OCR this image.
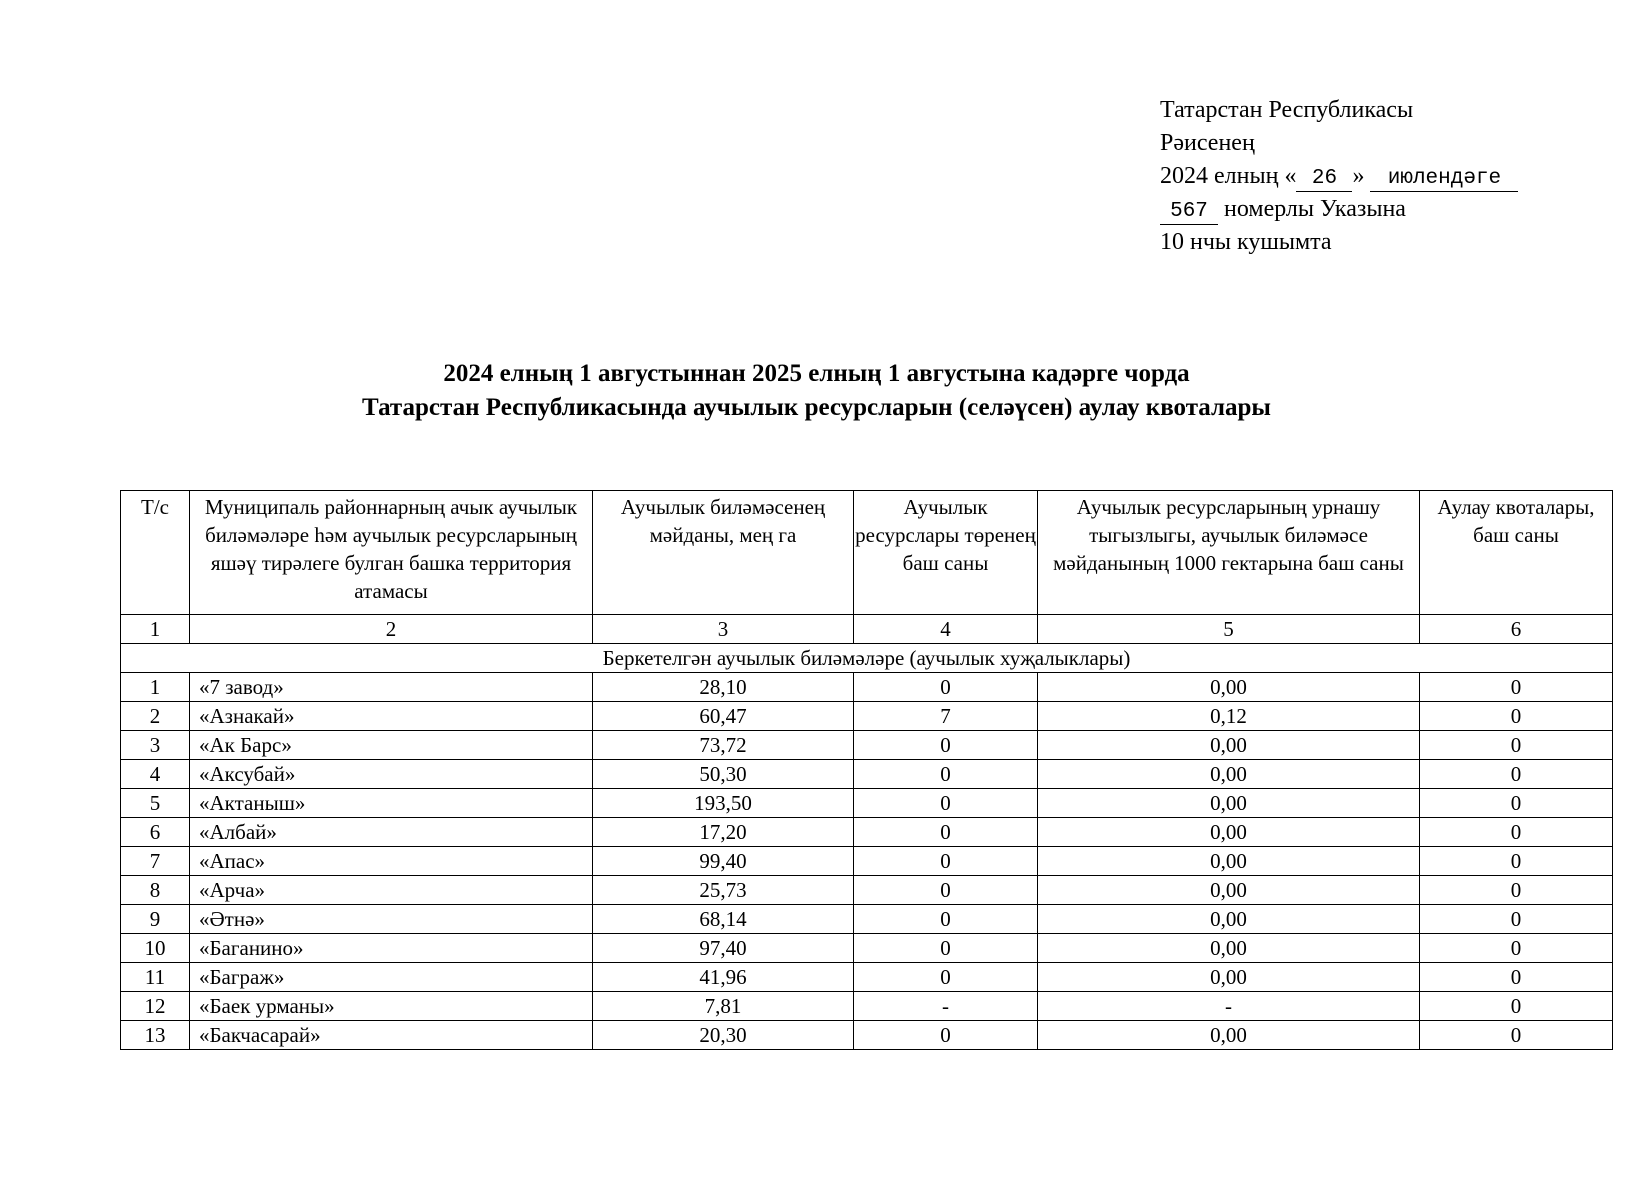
Татарстан Республикасы
Рәисенең
2024 елның « 26 » июлендәге
567 номерлы Указына
10 нчы кушымта
2024 елның 1 августыннан 2025 елның 1 августына кадәрге чорда
Татарстан Республикасында аучылык ресурсларын (селәүсен) аулау квоталары
Т/с	Муниципаль районнарның ачык аучылык биләмәләре һәм аучылык ресурсларының яшәү тирәлеге булган башка территория атамасы	Аучылык биләмәсенең мәйданы, мең га	Аучылык ресурслары төренең баш саны	Аучылык ресурсларының урнашу тыгызлыгы, аучылык биләмәсе мәйданының 1000 гектарына баш саны	Аулау квоталары, баш саны
1	2	3	4	5	6
Беркетелгән аучылык биләмәләре (аучылык хуҗалыклары)					
1	«7 завод»	28,10	0	0,00	0
2	«Азнакай»	60,47	7	0,12	0
3	«Ак Барс»	73,72	0	0,00	0
4	«Аксубай»	50,30	0	0,00	0
5	«Актаныш»	193,50	0	0,00	0
6	«Албай»	17,20	0	0,00	0
7	«Апас»	99,40	0	0,00	0
8	«Арча»	25,73	0	0,00	0
9	«Әтнә»	68,14	0	0,00	0
10	«Баганино»	97,40	0	0,00	0
11	«Баграж»	41,96	0	0,00	0
12	«Баек урманы»	7,81	-	-	0
13	«Бакчасарай»	20,30	0	0,00	0
